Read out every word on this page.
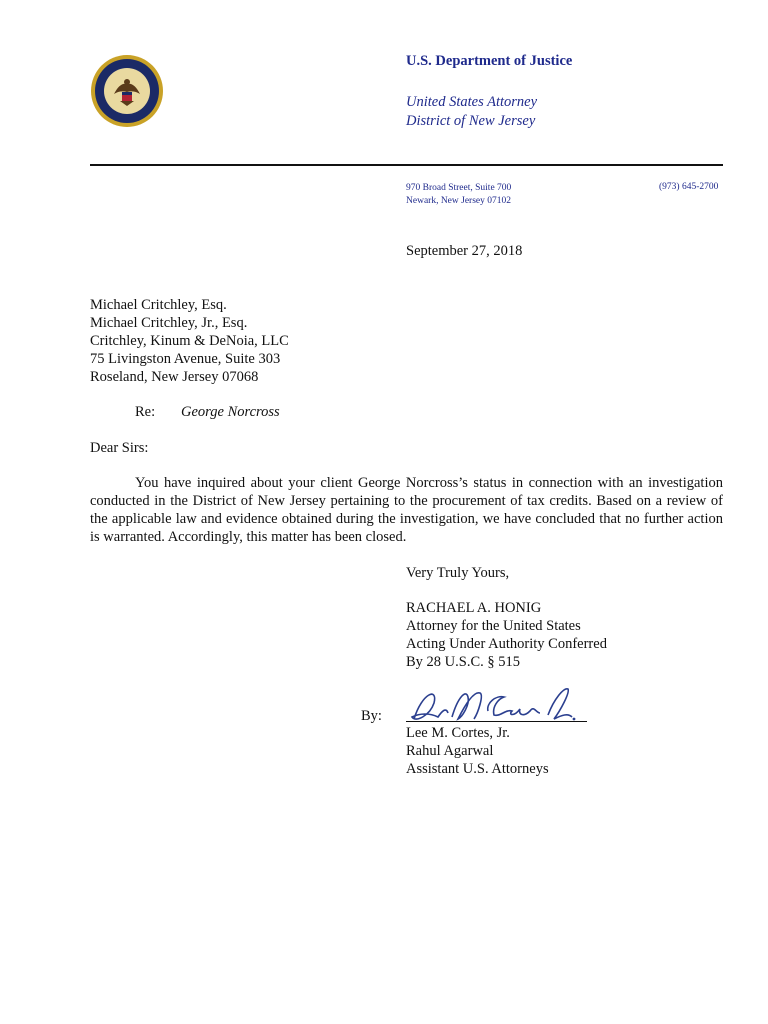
U.S. Department of Justice
United States Attorney
District of New Jersey
970 Broad Street, Suite 700
Newark, New Jersey 07102
(973) 645-2700
September 27, 2018
Michael Critchley, Esq.
Michael Critchley, Jr., Esq.
Critchley, Kinum & DeNoia, LLC
75 Livingston Avenue, Suite 303
Roseland, New Jersey 07068
Re: George Norcross
Dear Sirs:
You have inquired about your client George Norcross’s status in connection with an investigation conducted in the District of New Jersey pertaining to the procurement of tax credits. Based on a review of the applicable law and evidence obtained during the investigation, we have concluded that no further action is warranted. Accordingly, this matter has been closed.
Very Truly Yours,
RACHAEL A. HONIG
Attorney for the United States
Acting Under Authority Conferred
By 28 U.S.C. § 515
By:
Lee M. Cortes, Jr.
Rahul Agarwal
Assistant U.S. Attorneys
